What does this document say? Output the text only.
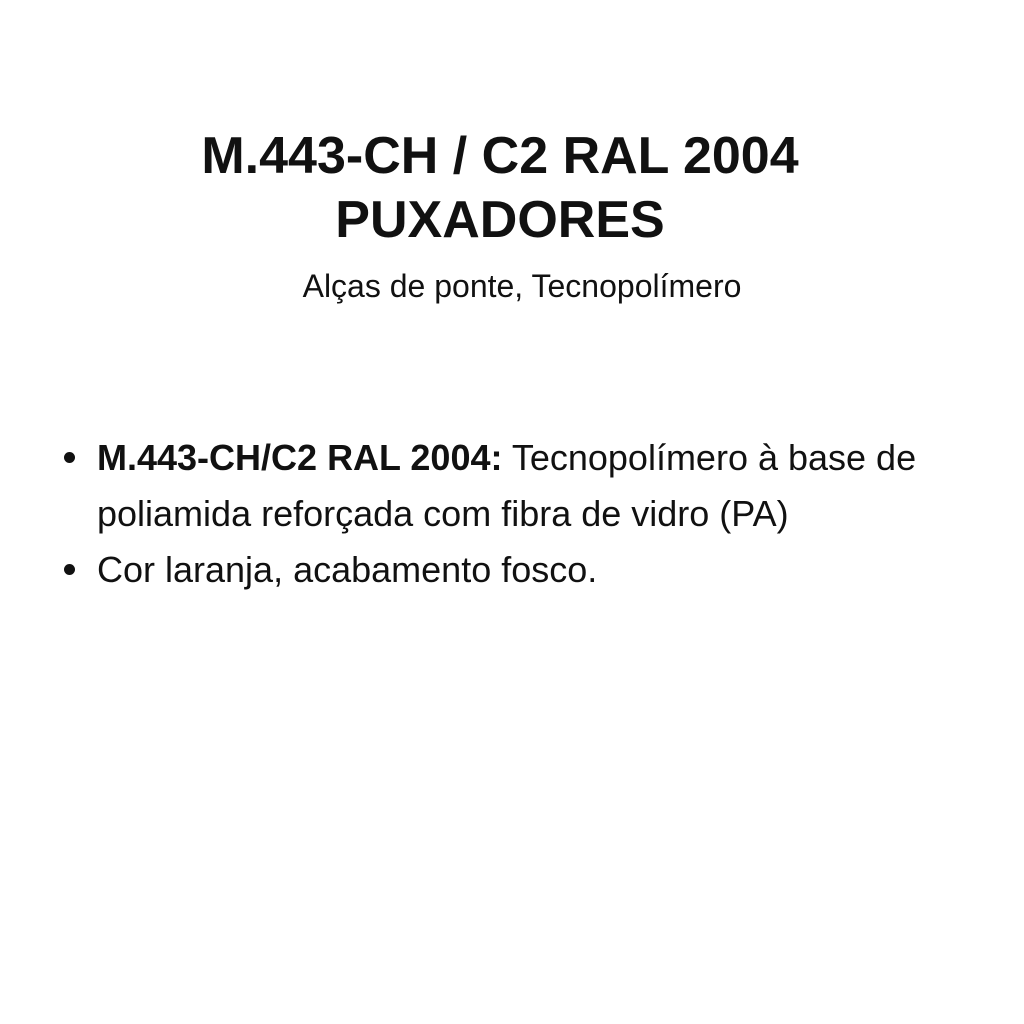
M.443-CH / C2 RAL 2004
PUXADORES

Alças de ponte, Tecnopolímero

M.443-CH/C2 RAL 2004: Tecnopolímero à base de poliamida reforçada com fibra de vidro (PA)
Cor laranja, acabamento fosco.
